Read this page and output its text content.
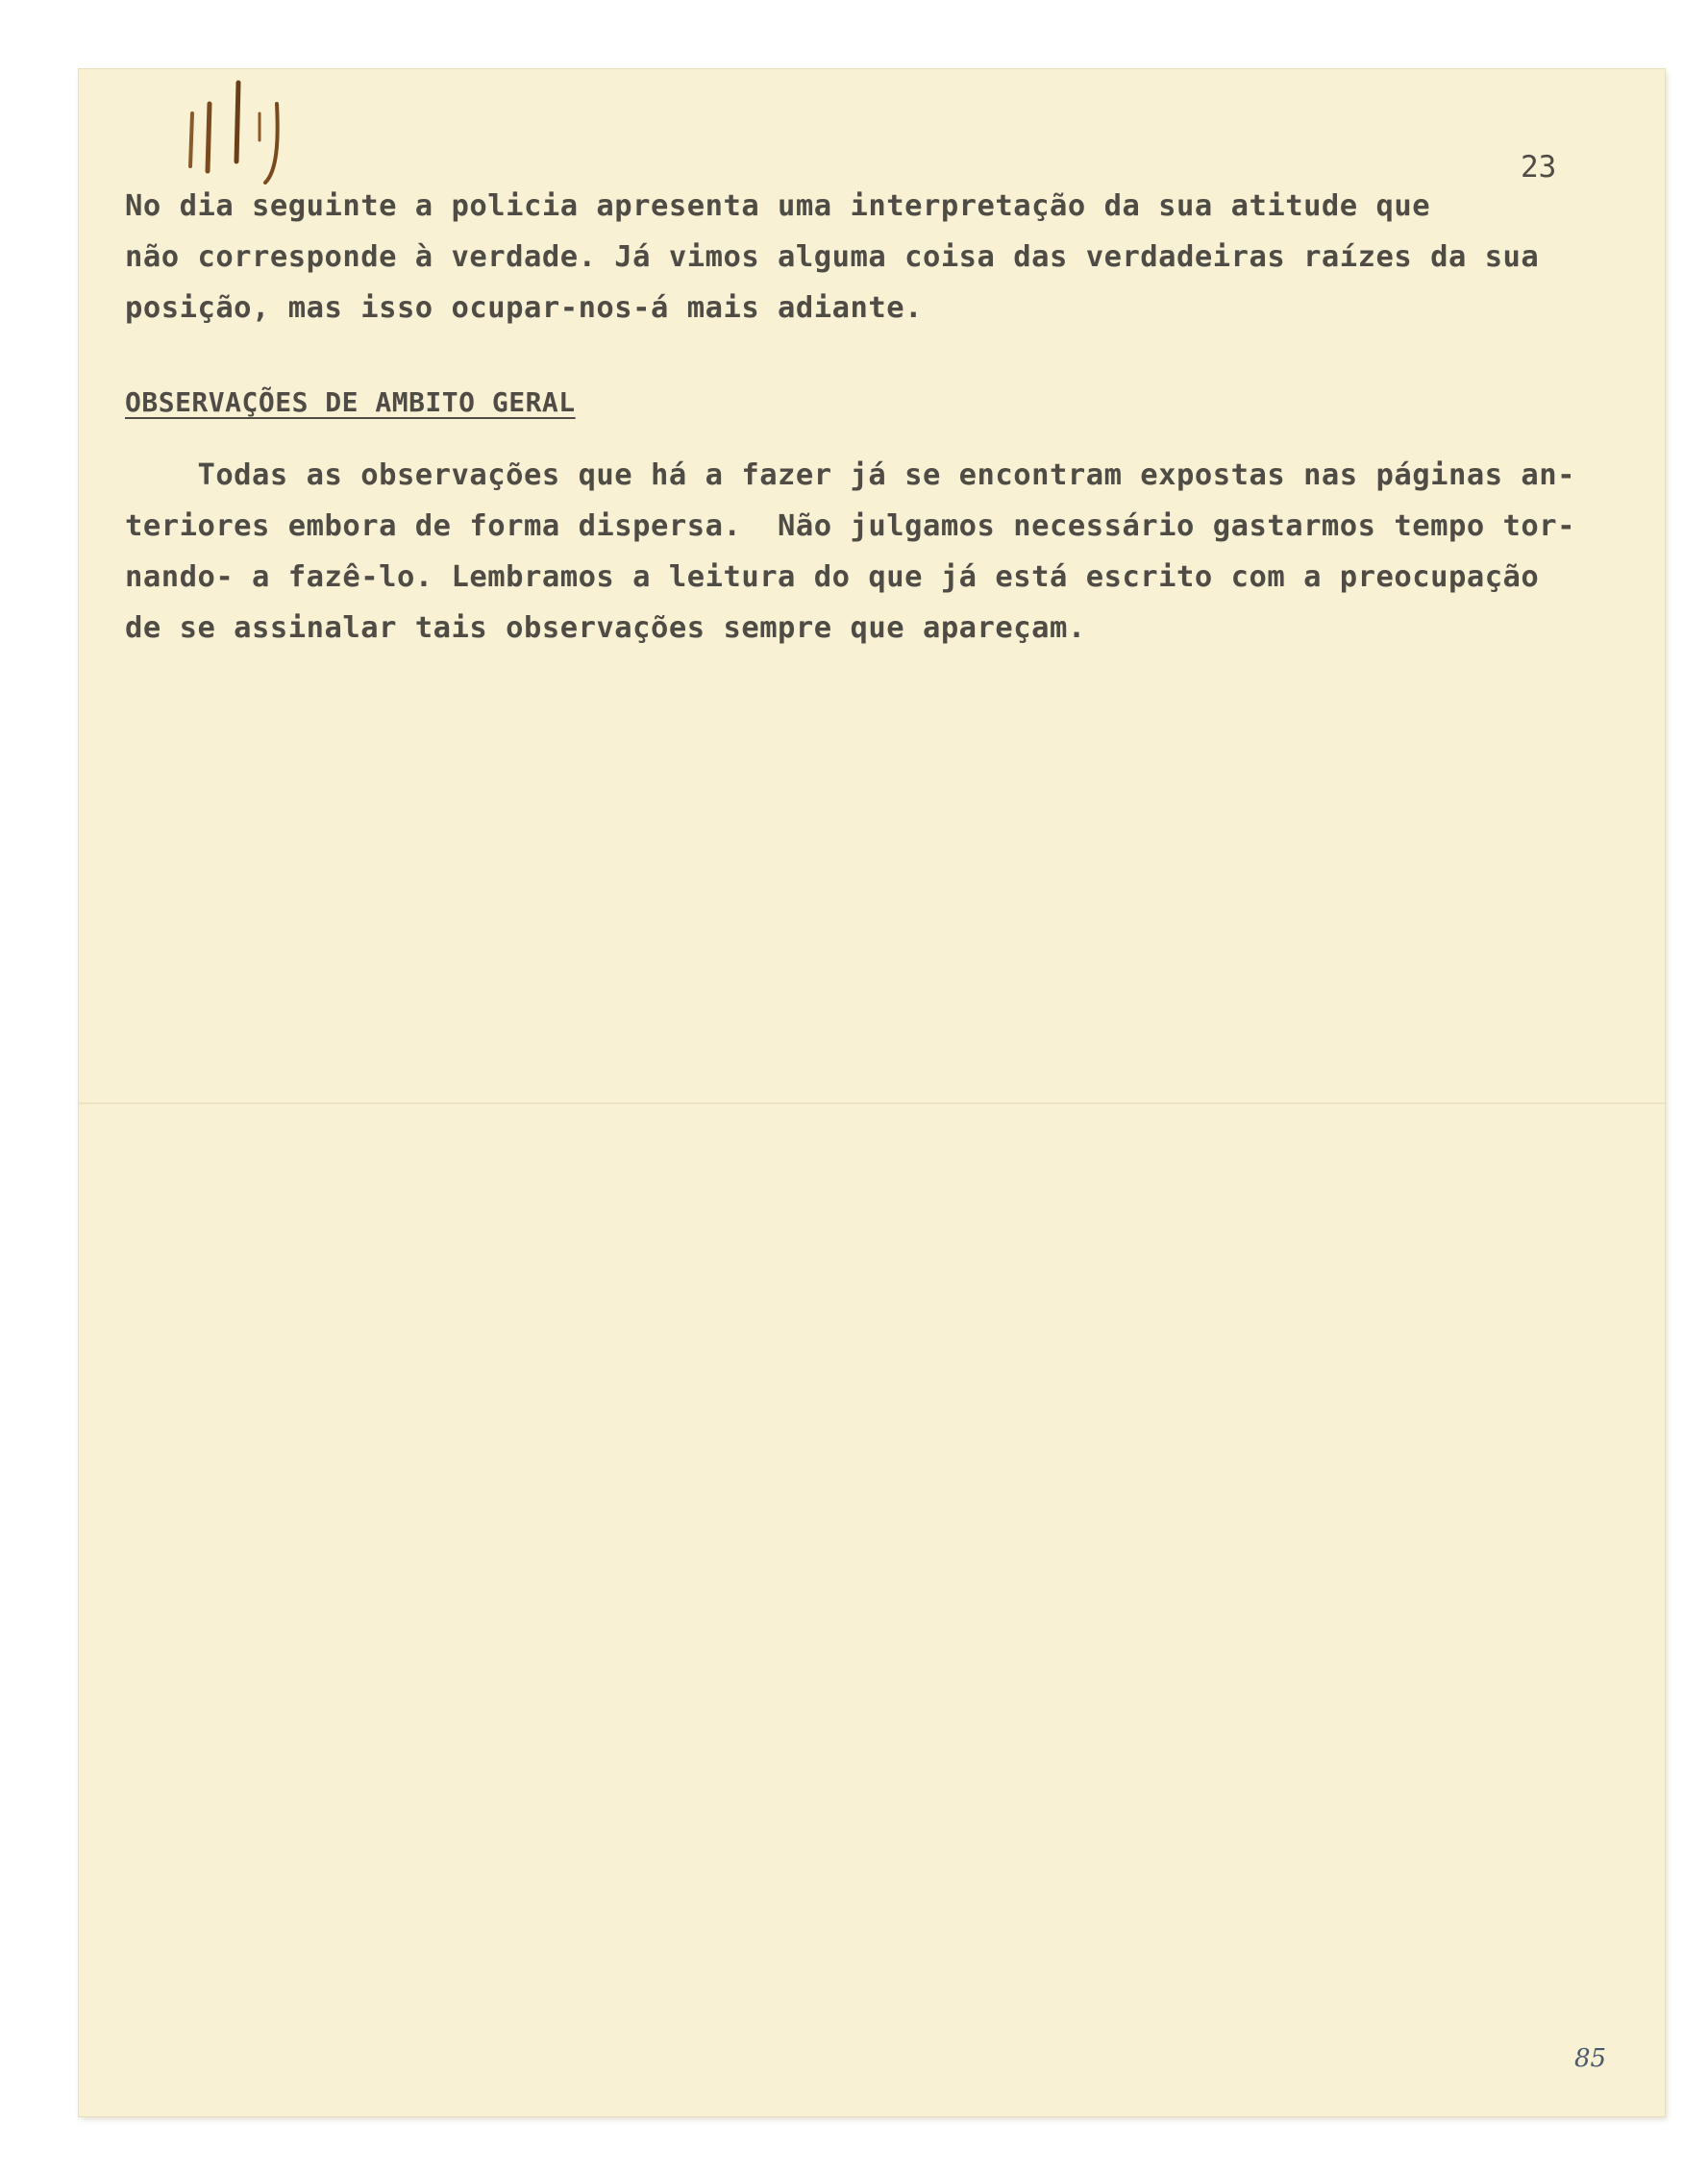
23
No dia seguinte a policia apresenta uma interpretação da sua atitude que
não corresponde à verdade. Já vimos alguma coisa das verdadeiras raízes da sua
posição, mas isso ocupar-nos-á mais adiante.
OBSERVAÇÕES DE AMBITO GERAL
Todas as observações que há a fazer já se encontram expostas nas páginas an-
teriores embora de forma dispersa.  Não julgamos necessário gastarmos tempo tor-
nando- a fazê-lo. Lembramos a leitura do que já está escrito com a preocupação
de se assinalar tais observações sempre que apareçam.
85
